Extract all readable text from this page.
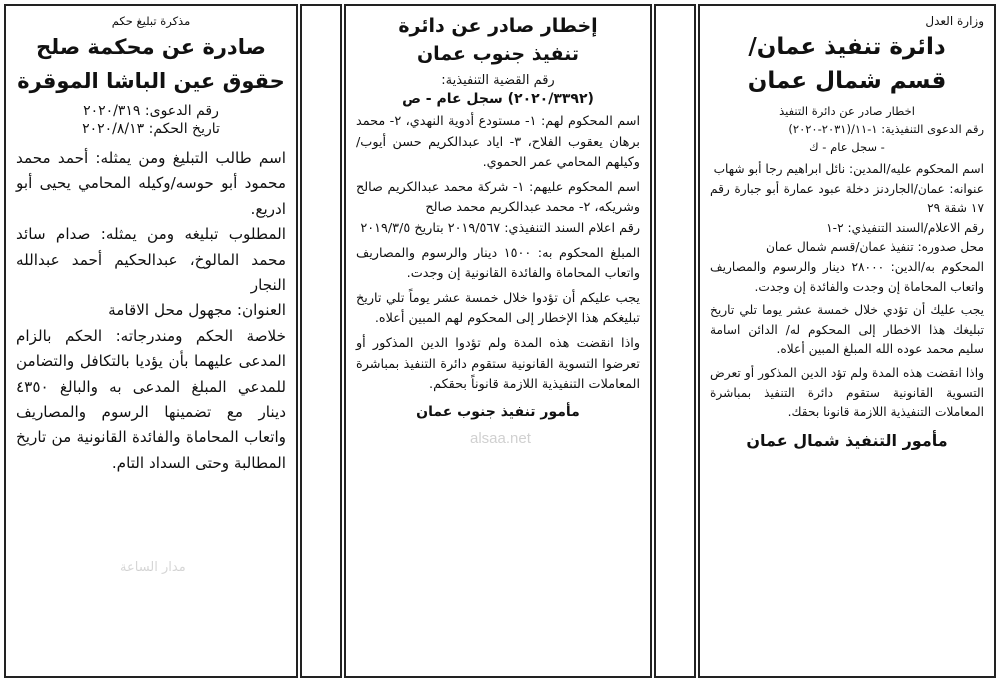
وزارة العدل

دائرة تنفيذ عمان/

قسم شمال عمان

اخطار صادر عن دائرة التنفيذ

رقم الدعوى التنفيذية: ١-١١/(٢٠٣١-٢٠٢٠)

- سجل عام - ك

اسم المحكوم عليه/المدين: نائل ابراهيم رجا أبو شهاب

عنوانه: عمان/الجاردنز دخلة عبود عمارة أبو جبارة رقم ١٧ شقة ٢٩

رقم الاعلام/السند التنفيذي: ٢-١

محل صدوره: تنفيذ عمان/قسم شمال عمان

المحكوم به/الدين: ٢٨٠٠٠ دينار والرسوم والمصاريف واتعاب المحاماة إن وجدت والفائدة إن وجدت.

يجب عليك أن تؤدي خلال خمسة عشر يوما تلي تاريخ تبليغك هذا الاخطار إلى المحكوم له/ الدائن اسامة سليم محمد عوده الله المبلغ المبين أعلاه.

واذا انقضت هذه المدة ولم تؤد الدين المذكور أو تعرض التسوية القانونية ستقوم دائرة التنفيذ بمباشرة المعاملات التنفيذية اللازمة قانونا بحقك.

مأمور التنفيذ شمال عمان

إخطار صادر عن دائرة

تنفيذ جنوب عمان

رقم القضية التنفيذية:

(٢٠٢٠/٣٣٩٢) سجل عام - ص

اسم المحكوم لهم: ١- مستودع أدوية النهدي، ٢- محمد برهان يعقوب الفلاح، ٣- اياد عبدالكريم حسن أيوب/ وكيلهم المحامي عمر الحموي.

اسم المحكوم عليهم: ١- شركة محمد عبدالكريم صالح وشريكه، ٢- محمد عبدالكريم محمد صالح

رقم اعلام السند التنفيذي: ٢٠١٩/٥٦٧ بتاريخ ٢٠١٩/٣/٥

المبلغ المحكوم به: ١٥٠٠ دينار والرسوم والمصاريف واتعاب المحاماة والفائدة القانونية إن وجدت.

يجب عليكم أن تؤدوا خلال خمسة عشر يوماً تلي تاريخ تبليغكم هذا الإخطار إلى المحكوم لهم المبين أعلاه.

واذا انقضت هذه المدة ولم تؤدوا الدين المذكور أو تعرضوا التسوية القانونية ستقوم دائرة التنفيذ بمباشرة المعاملات التنفيذية اللازمة قانوناً بحقكم.

مأمور تنفيذ جنوب عمان

مذكرة تبليغ حكم

صادرة عن محكمة صلح

حقوق عين الباشا الموقرة

رقم الدعوى: ٢٠٢٠/٣١٩

تاريخ الحكم: ٢٠٢٠/٨/١٣

اسم طالب التبليغ ومن يمثله: أحمد محمد محمود أبو حوسه/وكيله المحامي يحيى أبو ادريع.

المطلوب تبليغه ومن يمثله: صدام سائد محمد المالوخ، عبدالحكيم أحمد عبدالله النجار

العنوان: مجهول محل الاقامة

خلاصة الحكم ومندرجاته: الحكم بالزام المدعى عليهما بأن يؤديا بالتكافل والتضامن للمدعي المبلغ المدعى به والبالغ ٤٣٥٠ دينار مع تضمينها الرسوم والمصاريف واتعاب المحاماة والفائدة القانونية من تاريخ المطالبة وحتى السداد التام.

alsaa.net
مدار الساعة
